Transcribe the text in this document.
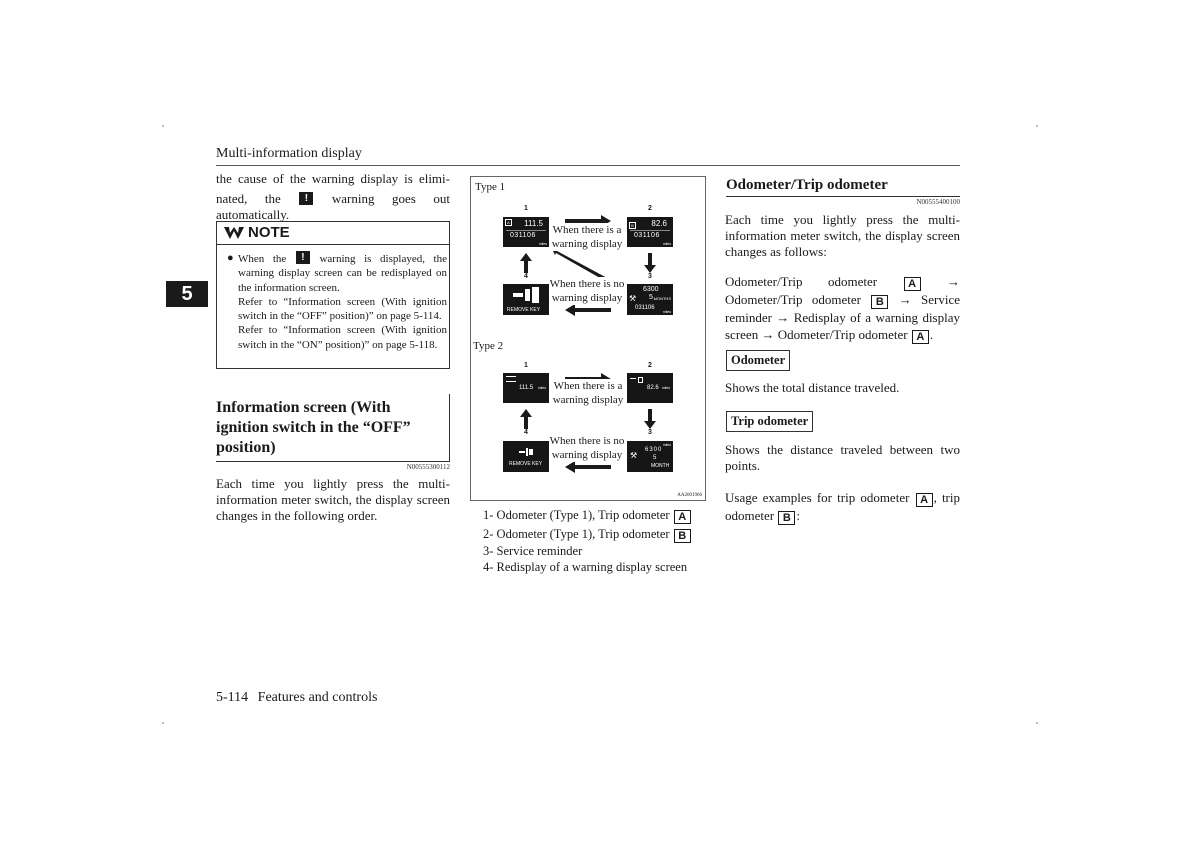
Multi-information display
5
the cause of the warning display is elimi-
nated, the !	warning goes out automatically.
NOTE
● When the !	warning is displayed, the warning display screen can be redisplayed on the information screen.
Refer to “Information screen (With ignition switch in the “OFF” position)” on page 5-114.
Refer to “Information screen (With ignition switch in the “ON” position)” on page 5-118.
Information screen (With ignition switch in the “OFF” position)
N00555300112
Each time you lightly press the multi-information meter switch, the display screen changes in the following order.
Type 1
1	2
4	3
A 111.5
031106
miles
B 82.6
031106
miles
⚒
6300
5 MONTHS
031106
miles
REMOVE KEY
When there is a warning display
When there is no warning display
Type 2
1	2
4	3
111.5 miles	82.6 miles
⚒
miles
6300
5
MONTH
REMOVE KEY
When there is a warning display
When there is no warning display
AA2001966
1- Odometer (Type 1), Trip odometer A
2- Odometer (Type 1), Trip odometer B
3- Service reminder
4- Redisplay of a warning display screen
Odometer/Trip odometer
N00555400100
Each time you lightly press the multi-information meter switch, the display screen changes as follows:
Odometer/Trip odometer	A → Odometer/Trip odometer B → Service reminder → Redisplay of a warning display screen → Odometer/Trip odometer A .
Odometer
Shows the total distance traveled.
Trip odometer
Shows the distance traveled between two points.
Usage examples for trip odometer A , trip odometer B :
5-114 Features and controls
